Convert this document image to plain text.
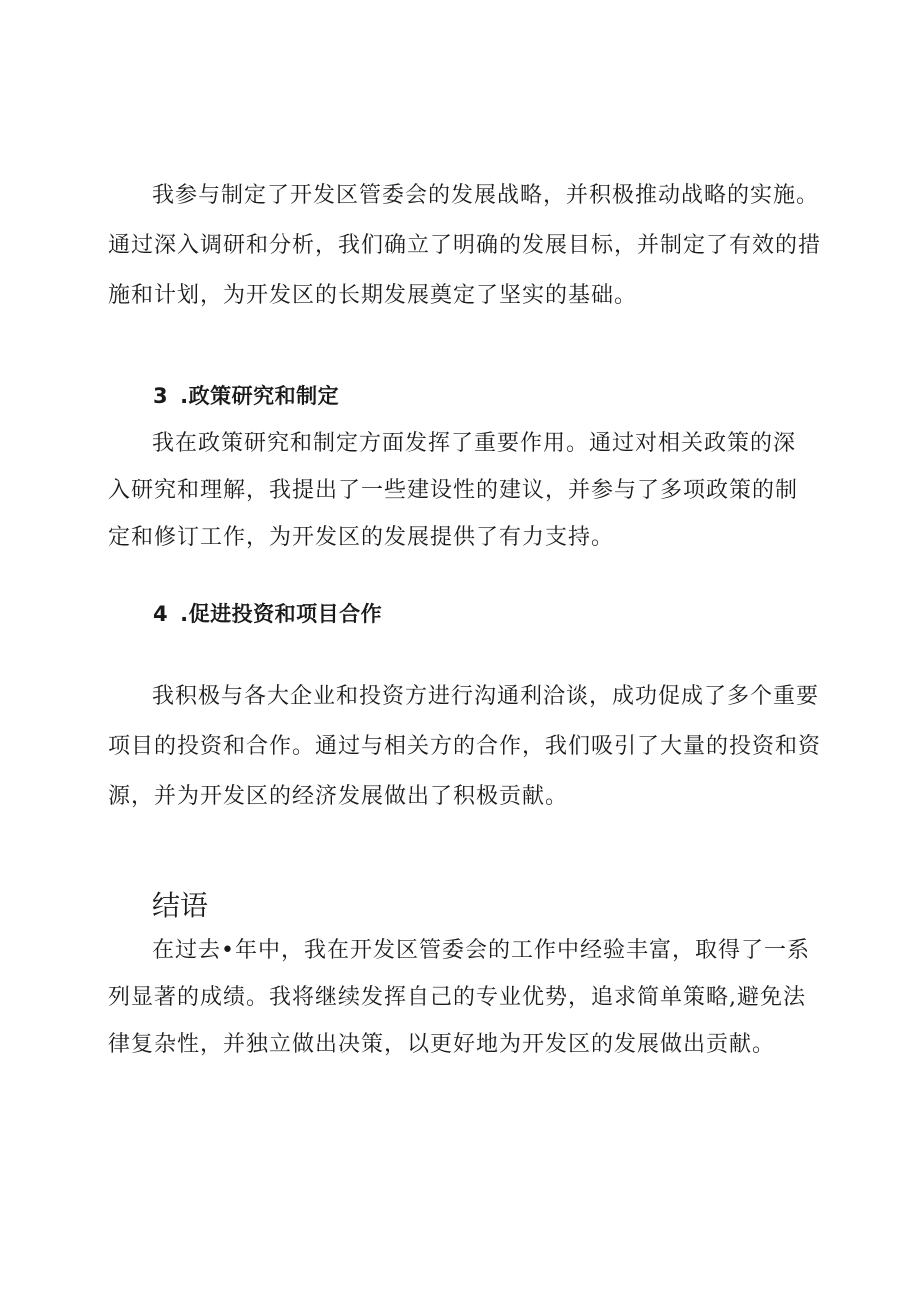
我参与制定了开发区管委会的发展战略，并积极推动战略的实施。
通过深入调研和分析，我们确立了明确的发展目标，并制定了有效的措
施和计划，为开发区的长期发展奠定了坚实的基础。
3 .政策研究和制定
我在政策研究和制定方面发挥了重要作用。通过对相关政策的深
入研究和理解，我提出了一些建设性的建议，并参与了多项政策的制
定和修订工作，为开发区的发展提供了有力支持。
4 .促进投资和项目合作
我积极与各大企业和投资方进行沟通利洽谈，成功促成了多个重要
项目的投资和合作。通过与相关方的合作，我们吸引了大量的投资和资
源，并为开发区的经济发展做出了积极贡献。
结语
在过去•年中，我在开发区管委会的工作中经验丰富，取得了一系
列显著的成绩。我将继续发挥自己的专业优势，追求简单策略,避免法
律复杂性，并独立做出决策，以更好地为开发区的发展做出贡献。
